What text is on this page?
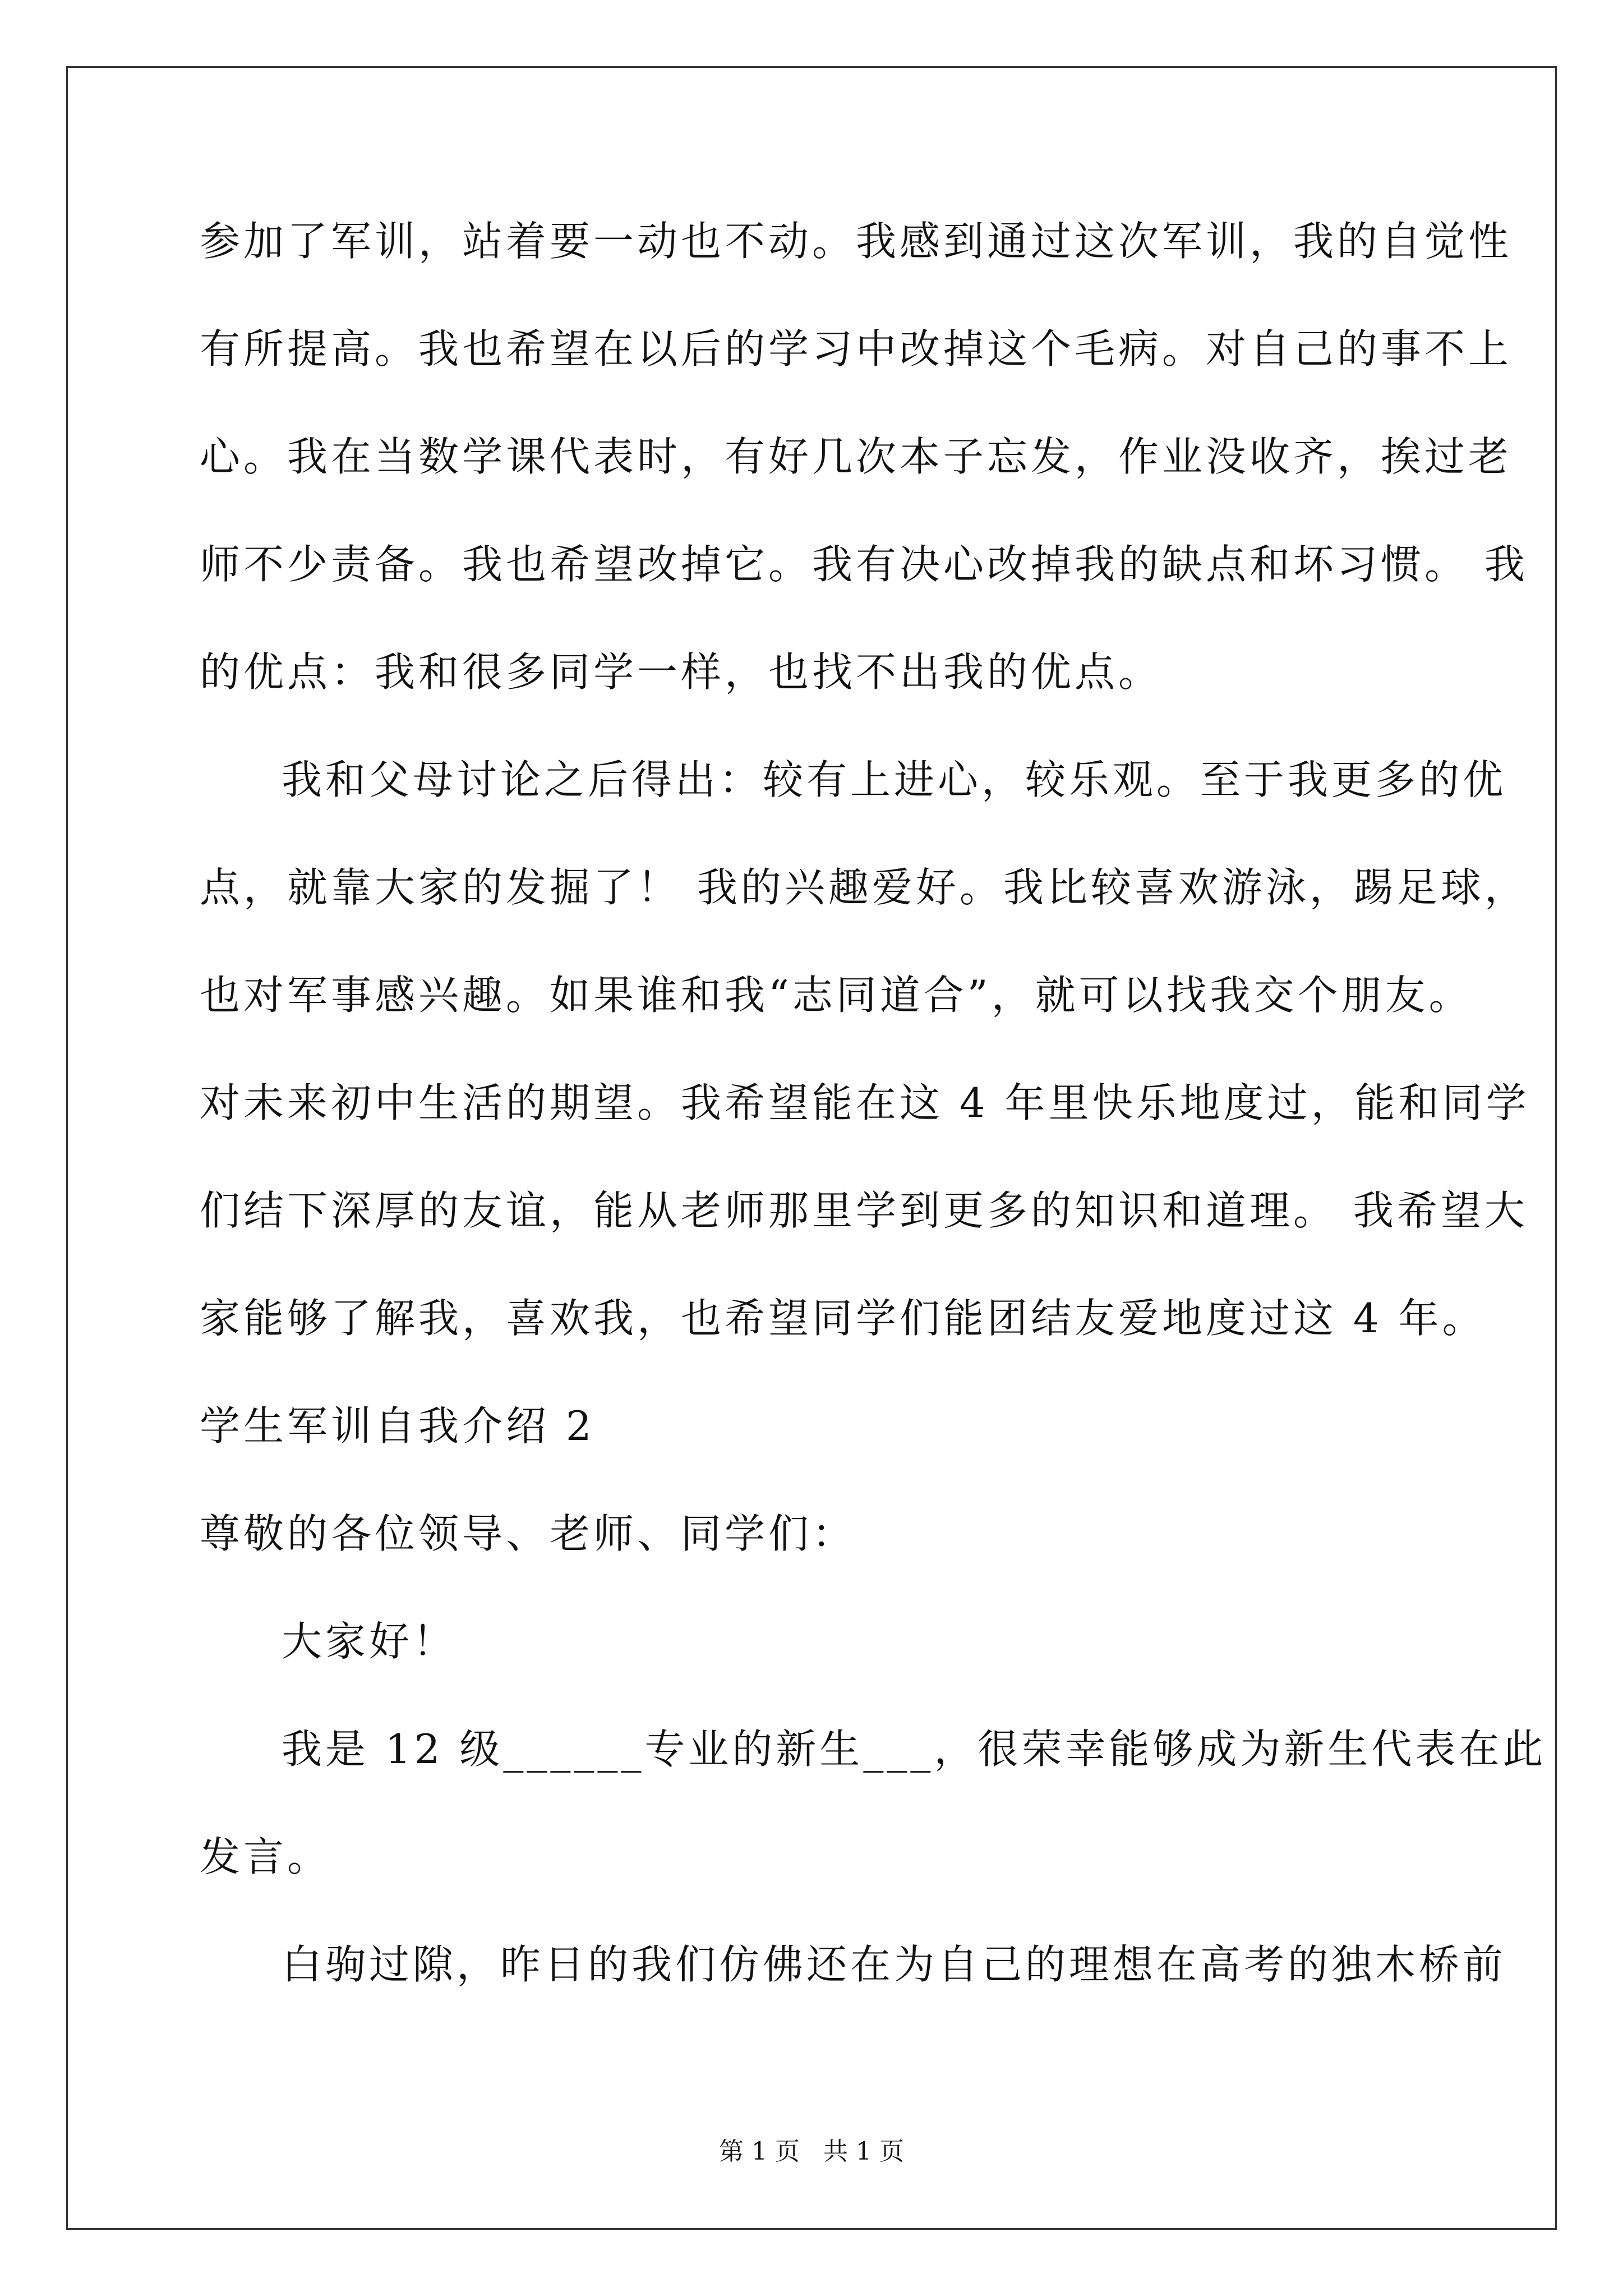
参加了军训，站着要一动也不动。我感到通过这次军训，我的自觉性
有所提高。我也希望在以后的学习中改掉这个毛病。对自己的事不上
心。我在当数学课代表时，有好几次本子忘发，作业没收齐，挨过老
师不少责备。我也希望改掉它。我有决心改掉我的缺点和坏习惯。 我
的优点：我和很多同学一样，也找不出我的优点。
我和父母讨论之后得出：较有上进心，较乐观。至于我更多的优
点，就靠大家的发掘了！ 我的兴趣爱好。我比较喜欢游泳，踢足球，
也对军事感兴趣。如果谁和我“志同道合”，就可以找我交个朋友。
对未来初中生活的期望。我希望能在这 4 年里快乐地度过，能和同学
们结下深厚的友谊，能从老师那里学到更多的知识和道理。 我希望大
家能够了解我，喜欢我，也希望同学们能团结友爱地度过这 4 年。
学生军训自我介绍 2
尊敬的各位领导、老师、同学们：
大家好！
我是 12 级______专业的新生___，很荣幸能够成为新生代表在此
发言。
白驹过隙，昨日的我们仿佛还在为自己的理想在高考的独木桥前
第 1 页 共 1 页
